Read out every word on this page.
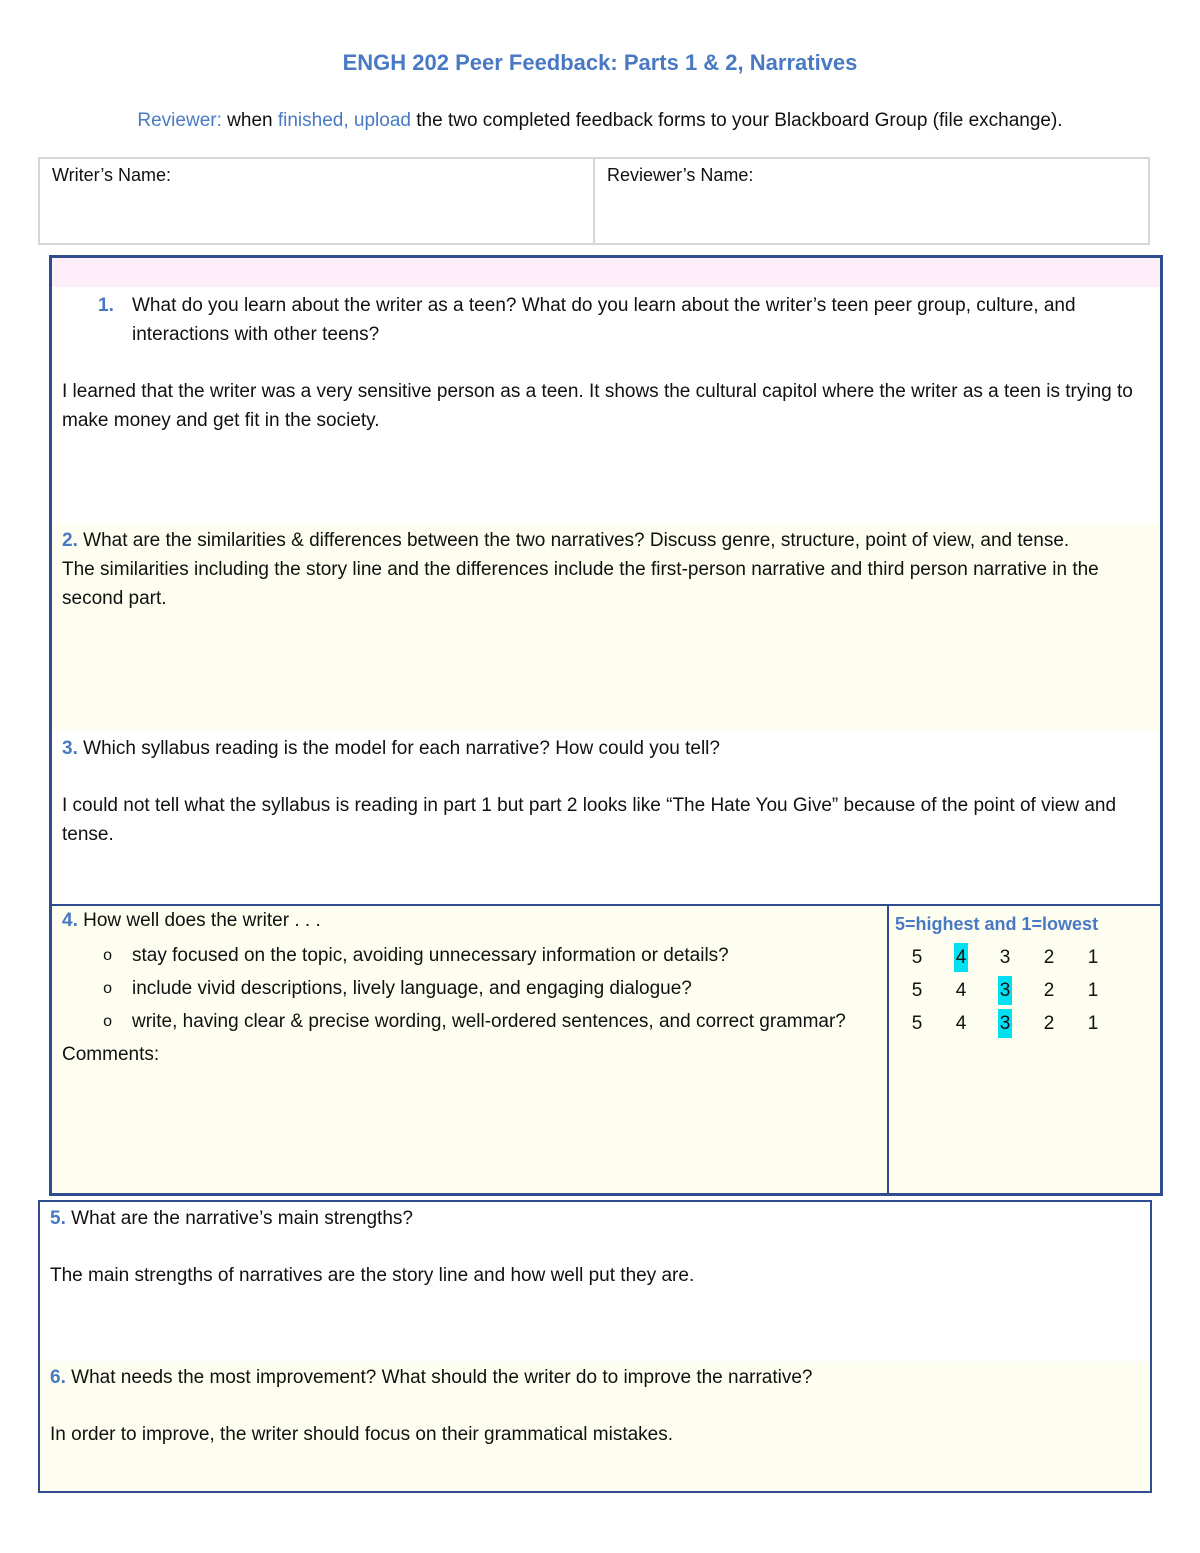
ENGH 202 Peer Feedback: Parts 1 & 2, Narratives
Reviewer: when finished, upload the two completed feedback forms to your Blackboard Group (file exchange).
Writer’s Name:	Reviewer’s Name:

1. What do you learn about the writer as a teen? What do you learn about the writer’s teen peer group, culture, and interactions with other teens?

I learned that the writer was a very sensitive person as a teen. It shows the cultural capitol where the writer as a teen is trying to make money and get fit in the society.

2. What are the similarities & differences between the two narratives? Discuss genre, structure, point of view, and tense.

The similarities including the story line and the differences include the first-person narrative and third person narrative in the second part.

3. Which syllabus reading is the model for each narrative? How could you tell?

I could not tell what the syllabus is reading in part 1 but part 2 looks like “The Hate You Give” because of the point of view and tense.

4. How well does the writer . . .

o	stay focused on the topic, avoiding unnecessary information or details?
o	include vivid descriptions, lively language, and engaging dialogue?
o	write, having clear & precise wording, well-ordered sentences, and correct grammar?

Comments:

5=highest and 1=lowest
5	4	3	2	1
5	4	3	2	1
5	4	3	2	1

5. What are the narrative’s main strengths?

The main strengths of narratives are the story line and how well put they are.

6. What needs the most improvement? What should the writer do to improve the narrative?

In order to improve, the writer should focus on their grammatical mistakes.
